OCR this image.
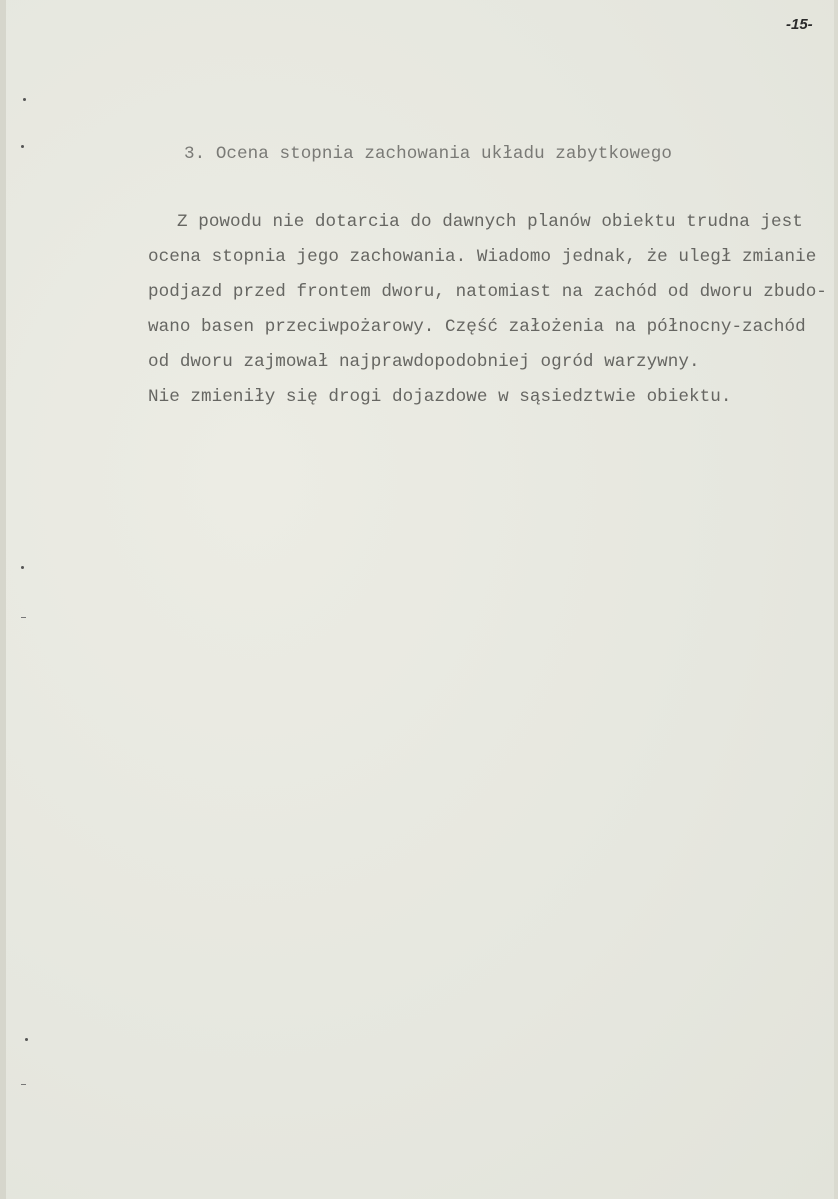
-15-
3. Ocena stopnia zachowania układu zabytkowego
Z powodu nie dotarcia do dawnych planów obiektu trudna jest
ocena stopnia jego zachowania. Wiadomo jednak, że uległ zmianie
podjazd przed frontem dworu, natomiast na zachód od dworu zbudo-
wano basen przeciwpożarowy. Część założenia na północny-zachód
od dworu zajmował najprawdopodobniej ogród warzywny.
Nie zmieniły się drogi dojazdowe w sąsiedztwie obiektu.
